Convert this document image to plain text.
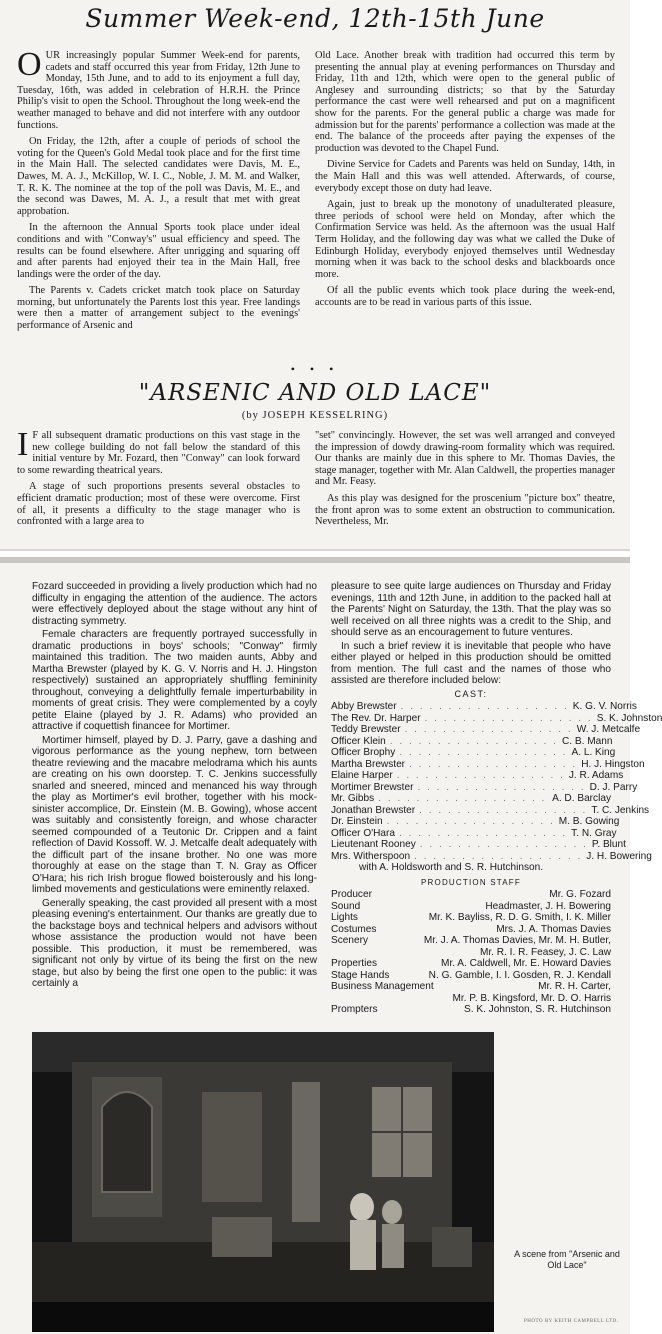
Summer Week-end, 12th-15th June

OUR increasingly popular Summer Week-end for parents, cadets and staff occurred this year from Friday, 12th June to Monday, 15th June, and to add to its enjoyment a full day, Tuesday, 16th, was added in celebration of H.R.H. the Prince Philip's visit to open the School. Throughout the long week-end the weather managed to behave and did not interfere with any outdoor functions.

On Friday, the 12th, after a couple of periods of school the voting for the Queen's Gold Medal took place and for the first time in the Main Hall. The selected candidates were Davis, M. E., Dawes, M. A. J., McKillop, W. I. C., Noble, J. M. M. and Walker, T. R. K. The nominee at the top of the poll was Davis, M. E., and the second was Dawes, M. A. J., a result that met with great approbation.

In the afternoon the Annual Sports took place under ideal conditions and with "Conway's" usual efficiency and speed. The results can be found elsewhere. After unrigging and squaring off and after parents had enjoyed their tea in the Main Hall, free landings were the order of the day.

The Parents v. Cadets cricket match took place on Saturday morning, but unfortunately the Parents lost this year. Free landings were then a matter of arrangement subject to the evenings' performance of Arsenic and

Old Lace. Another break with tradition had occurred this term by presenting the annual play at evening performances on Thursday and Friday, 11th and 12th, which were open to the general public of Anglesey and surrounding districts; so that by the Saturday performance the cast were well rehearsed and put on a magnificent show for the parents. For the general public a charge was made for admission but for the parents' performance a collection was made at the end. The balance of the proceeds after paying the expenses of the production was devoted to the Chapel Fund.

Divine Service for Cadets and Parents was held on Sunday, 14th, in the Main Hall and this was well attended. Afterwards, of course, everybody except those on duty had leave.

Again, just to break up the monotony of unadulterated pleasure, three periods of school were held on Monday, after which the Confirmation Service was held. As the afternoon was the usual Half Term Holiday, and the following day was what we called the Duke of Edinburgh Holiday, everybody enjoyed themselves until Wednesday morning when it was back to the school desks and blackboards once more.

Of all the public events which took place during the week-end, accounts are to be read in various parts of this issue.

• • •
"ARSENIC AND OLD LACE"
(by JOSEPH KESSELRING)

I F all subsequent dramatic productions on this vast stage in the new college building do not fall below the standard of this initial venture by Mr. Fozard, then "Conway" can look forward to some rewarding theatrical years.

A stage of such proportions presents several obstacles to efficient dramatic production; most of these were overcome. First of all, it presents a difficulty to the stage manager who is confronted with a large area to

"set" convincingly. However, the set was well arranged and conveyed the impression of dowdy drawing-room formality which was required. Our thanks are mainly due in this sphere to Mr. Thomas Davies, the stage manager, together with Mr. Alan Caldwell, the properties manager and Mr. Feasy.

As this play was designed for the proscenium "picture box" theatre, the front apron was to some extent an obstruction to communication. Nevertheless, Mr.

Fozard succeeded in providing a lively production which had no difficulty in engaging the attention of the audience. The actors were effectively deployed about the stage without any hint of distracting symmetry.

Female characters are frequently portrayed successfully in dramatic productions in boys' schools; "Conway" firmly maintained this tradition. The two maiden aunts, Abby and Martha Brewster (played by K. G. V. Norris and H. J. Hingston respectively) sustained an appropriately shuffling femininity throughout, conveying a delightfully female imperturbability in moments of great crisis. They were complemented by a coyly petite Elaine (played by J. R. Adams) who provided an attractive if coquettish financee for Mortimer.

Mortimer himself, played by D. J. Parry, gave a dashing and vigorous performance as the young nephew, torn between theatre reviewing and the macabre melodrama which his aunts are creating on his own doorstep. T. C. Jenkins successfully snarled and sneered, minced and menanced his way through the play as Mortimer's evil brother, together with his mock-sinister accomplice, Dr. Einstein (M. B. Gowing), whose accent was suitably and consistently foreign, and whose character seemed compounded of a Teutonic Dr. Crippen and a faint reflection of David Kossoff. W. J. Metcalfe dealt adequately with the difficult part of the insane brother. No one was more thoroughly at ease on the stage than T. N. Gray as Officer O'Hara; his rich Irish brogue flowed boisterously and his long-limbed movements and gesticulations were eminently relaxed.

Generally speaking, the cast provided all present with a most pleasing evening's entertainment. Our thanks are greatly due to the backstage boys and technical helpers and advisors without whose assistance the production would not have been possible. This production, it must be remembered, was significant not only by virtue of its being the first on the new stage, but also by being the first one open to the public: it was certainly a

pleasure to see quite large audiences on Thursday and Friday evenings, 11th and 12th June, in addition to the packed hall at the Parents' Night on Saturday, the 13th. That the play was so well received on all three nights was a credit to the Ship, and should serve as an encouragement to future ventures.

In such a brief review it is inevitable that people who have either played or helped in this production should be omitted from mention. The full cast and the names of those who assisted are therefore included below:

CAST:
Abby Brewster . . . . . . . . . . . . . . . . . . K. G. V. Norris
The Rev. Dr. Harper . . . . . . . . . . . . . . . . . . S. K. Johnston
Teddy Brewster . . . . . . . . . . . . . . . . . . W. J. Metcalfe
Officer Klein . . . . . . . . . . . . . . . . . . C. B. Mann
Officer Brophy . . . . . . . . . . . . . . . . . . A. L. King
Martha Brewster . . . . . . . . . . . . . . . . . . H. J. Hingston
Elaine Harper . . . . . . . . . . . . . . . . . . J. R. Adams
Mortimer Brewster . . . . . . . . . . . . . . . . . . D. J. Parry
Mr. Gibbs . . . . . . . . . . . . . . . . . . A. D. Barclay
Jonathan Brewster . . . . . . . . . . . . . . . . . . T. C. Jenkins
Dr. Einstein . . . . . . . . . . . . . . . . . . M. B. Gowing
Officer O'Hara . . . . . . . . . . . . . . . . . . T. N. Gray
Lieutenant Rooney . . . . . . . . . . . . . . . . . . P. Blunt
Mrs. Witherspoon . . . . . . . . . . . . . . . . . . J. H. Bowering
with A. Holdsworth and S. R. Hutchinson.
PRODUCTION STAFF
Producer	Mr. G. Fozard
Sound	Headmaster, J. H. Bowering
Lights	Mr. K. Bayliss, R. D. G. Smith, I. K. Miller
Costumes	Mrs. J. A. Thomas Davies
Scenery	Mr. J. A. Thomas Davies, Mr. M. H. Butler,
Mr. R. I. R. Feasey, J. C. Law
Properties	Mr. A. Caldwell, Mr. E. Howard Davies
Stage Hands	N. G. Gamble, I. I. Gosden, R. J. Kendall
Business Management	Mr. R. H. Carter,
Mr. P. B. Kingsford, Mr. D. O. Harris
Prompters	S. K. Johnston, S. R. Hutchinson
A scene from "Arsenic and Old Lace"
PHOTO BY KEITH CAMPBELL LTD.
